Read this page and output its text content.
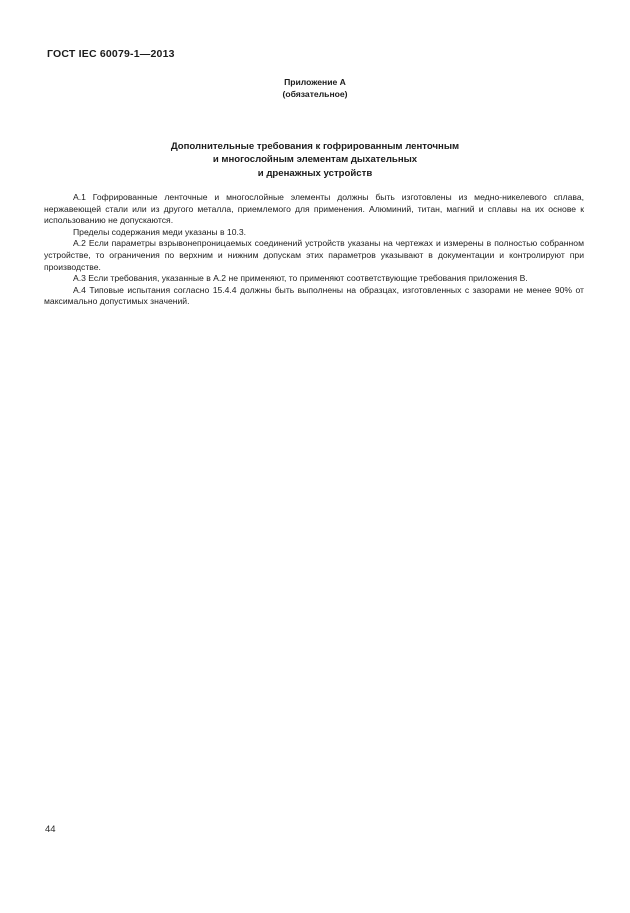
ГОСТ IEC 60079-1—2013
Приложение А
(обязательное)
Дополнительные требования к гофрированным ленточным
и многослойным элементам дыхательных
и дренажных устройств

А.1 Гофрированные ленточные и многослойные элементы должны быть изготовлены из медно-никелевого сплава, нержавеющей стали или из другого металла, приемлемого для применения. Алюминий, титан, магний и сплавы на их основе к использованию не допускаются.

Пределы содержания меди указаны в 10.3.

А.2 Если параметры взрывонепроницаемых соединений устройств указаны на чертежах и измерены в полностью собранном устройстве, то ограничения по верхним и нижним допускам этих параметров указывают в документации и контролируют при производстве.

А.3 Если требования, указанные в А.2 не применяют, то применяют соответствующие требования приложения В.

А.4 Типовые испытания согласно 15.4.4 должны быть выполнены на образцах, изготовленных с зазорами не менее 90% от максимально допустимых значений.

44
